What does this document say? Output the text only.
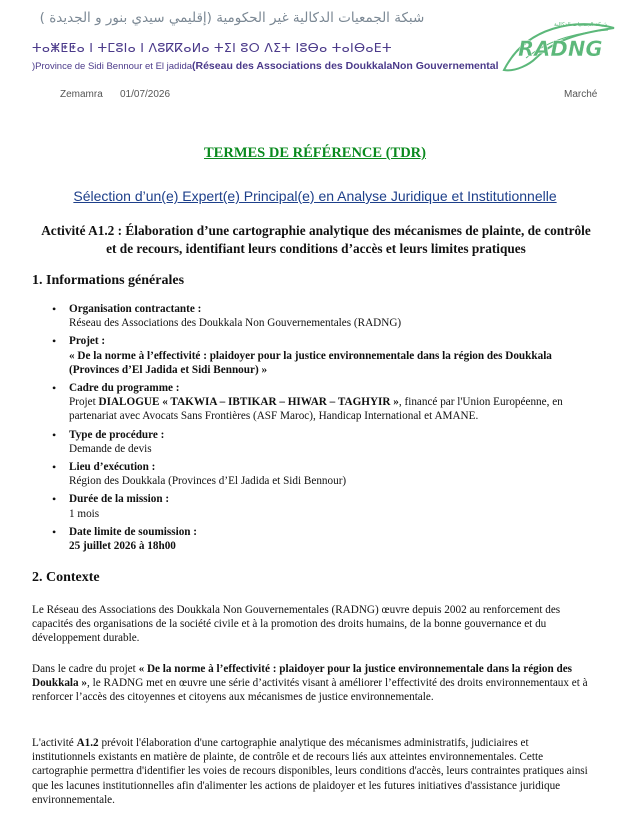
شبكة الجمعيات الدكالية غير الحكومية (إقليمي سيدي بنور و الجديدة )
ⵜⴰⵥⵟⵟⴰ ⵏ ⵜⵎⵓⵏⴰ ⵏ ⴷⵓⴽⴽⴰⵍⴰ ⵜⵉⵏ ⵓⵔ ⴷⵉⵜ ⵏⵓⴱⴰ ⵜⴰⵏⴱⴰⴹⵜ
)Province de Sidi Bennour et El jadida(Réseau des Associations des DoukkalaNon Gouvernemental
RADNG
شبكة الجمعيات الدكالية
Zemamra 01/07/2026	Marché
TERMES DE RÉFÉRENCE (TDR)
Sélection d’un(e) Expert(e) Principal(e) en Analyse Juridique et Institutionnelle
Activité A1.2 : Élaboration d’une cartographie analytique des mécanismes de plainte, de contrôle et de recours, identifiant leurs conditions d’accès et leurs limites pratiques
1. Informations générales
• Organisation contractante :
Réseau des Associations des Doukkala Non Gouvernementales (RADNG)
• Projet :
« De la norme à l’effectivité : plaidoyer pour la justice environnementale dans la région des Doukkala (Provinces d’El Jadida et Sidi Bennour) »
• Cadre du programme :
Projet DIALOGUE « TAKWIA – IBTIKAR – HIWAR – TAGHYIR », financé par l'Union Européenne, en partenariat avec Avocats Sans Frontières (ASF Maroc), Handicap International et AMANE.
• Type de procédure :
Demande de devis
• Lieu d’exécution :
Région des Doukkala (Provinces d’El Jadida et Sidi Bennour)
• Durée de la mission :
1 mois
• Date limite de soumission :
25 juillet 2026 à 18h00
2. Contexte

Le Réseau des Associations des Doukkala Non Gouvernementales (RADNG) œuvre depuis 2002 au renforcement des capacités des organisations de la société civile et à la promotion des droits humains, de la bonne gouvernance et du développement durable.

Dans le cadre du projet « De la norme à l’effectivité : plaidoyer pour la justice environnementale dans la région des Doukkala », le RADNG met en œuvre une série d’activités visant à améliorer l’effectivité des droits environnementaux et à renforcer l’accès des citoyennes et citoyens aux mécanismes de justice environnementale.

L'activité A1.2 prévoit l'élaboration d'une cartographie analytique des mécanismes administratifs, judiciaires et institutionnels existants en matière de plainte, de contrôle et de recours liés aux atteintes environnementales. Cette cartographie permettra d'identifier les voies de recours disponibles, leurs conditions d'accès, leurs contraintes pratiques ainsi que les lacunes institutionnelles afin d'alimenter les actions de plaidoyer et les futures initiatives d'assistance juridique environnementale.
